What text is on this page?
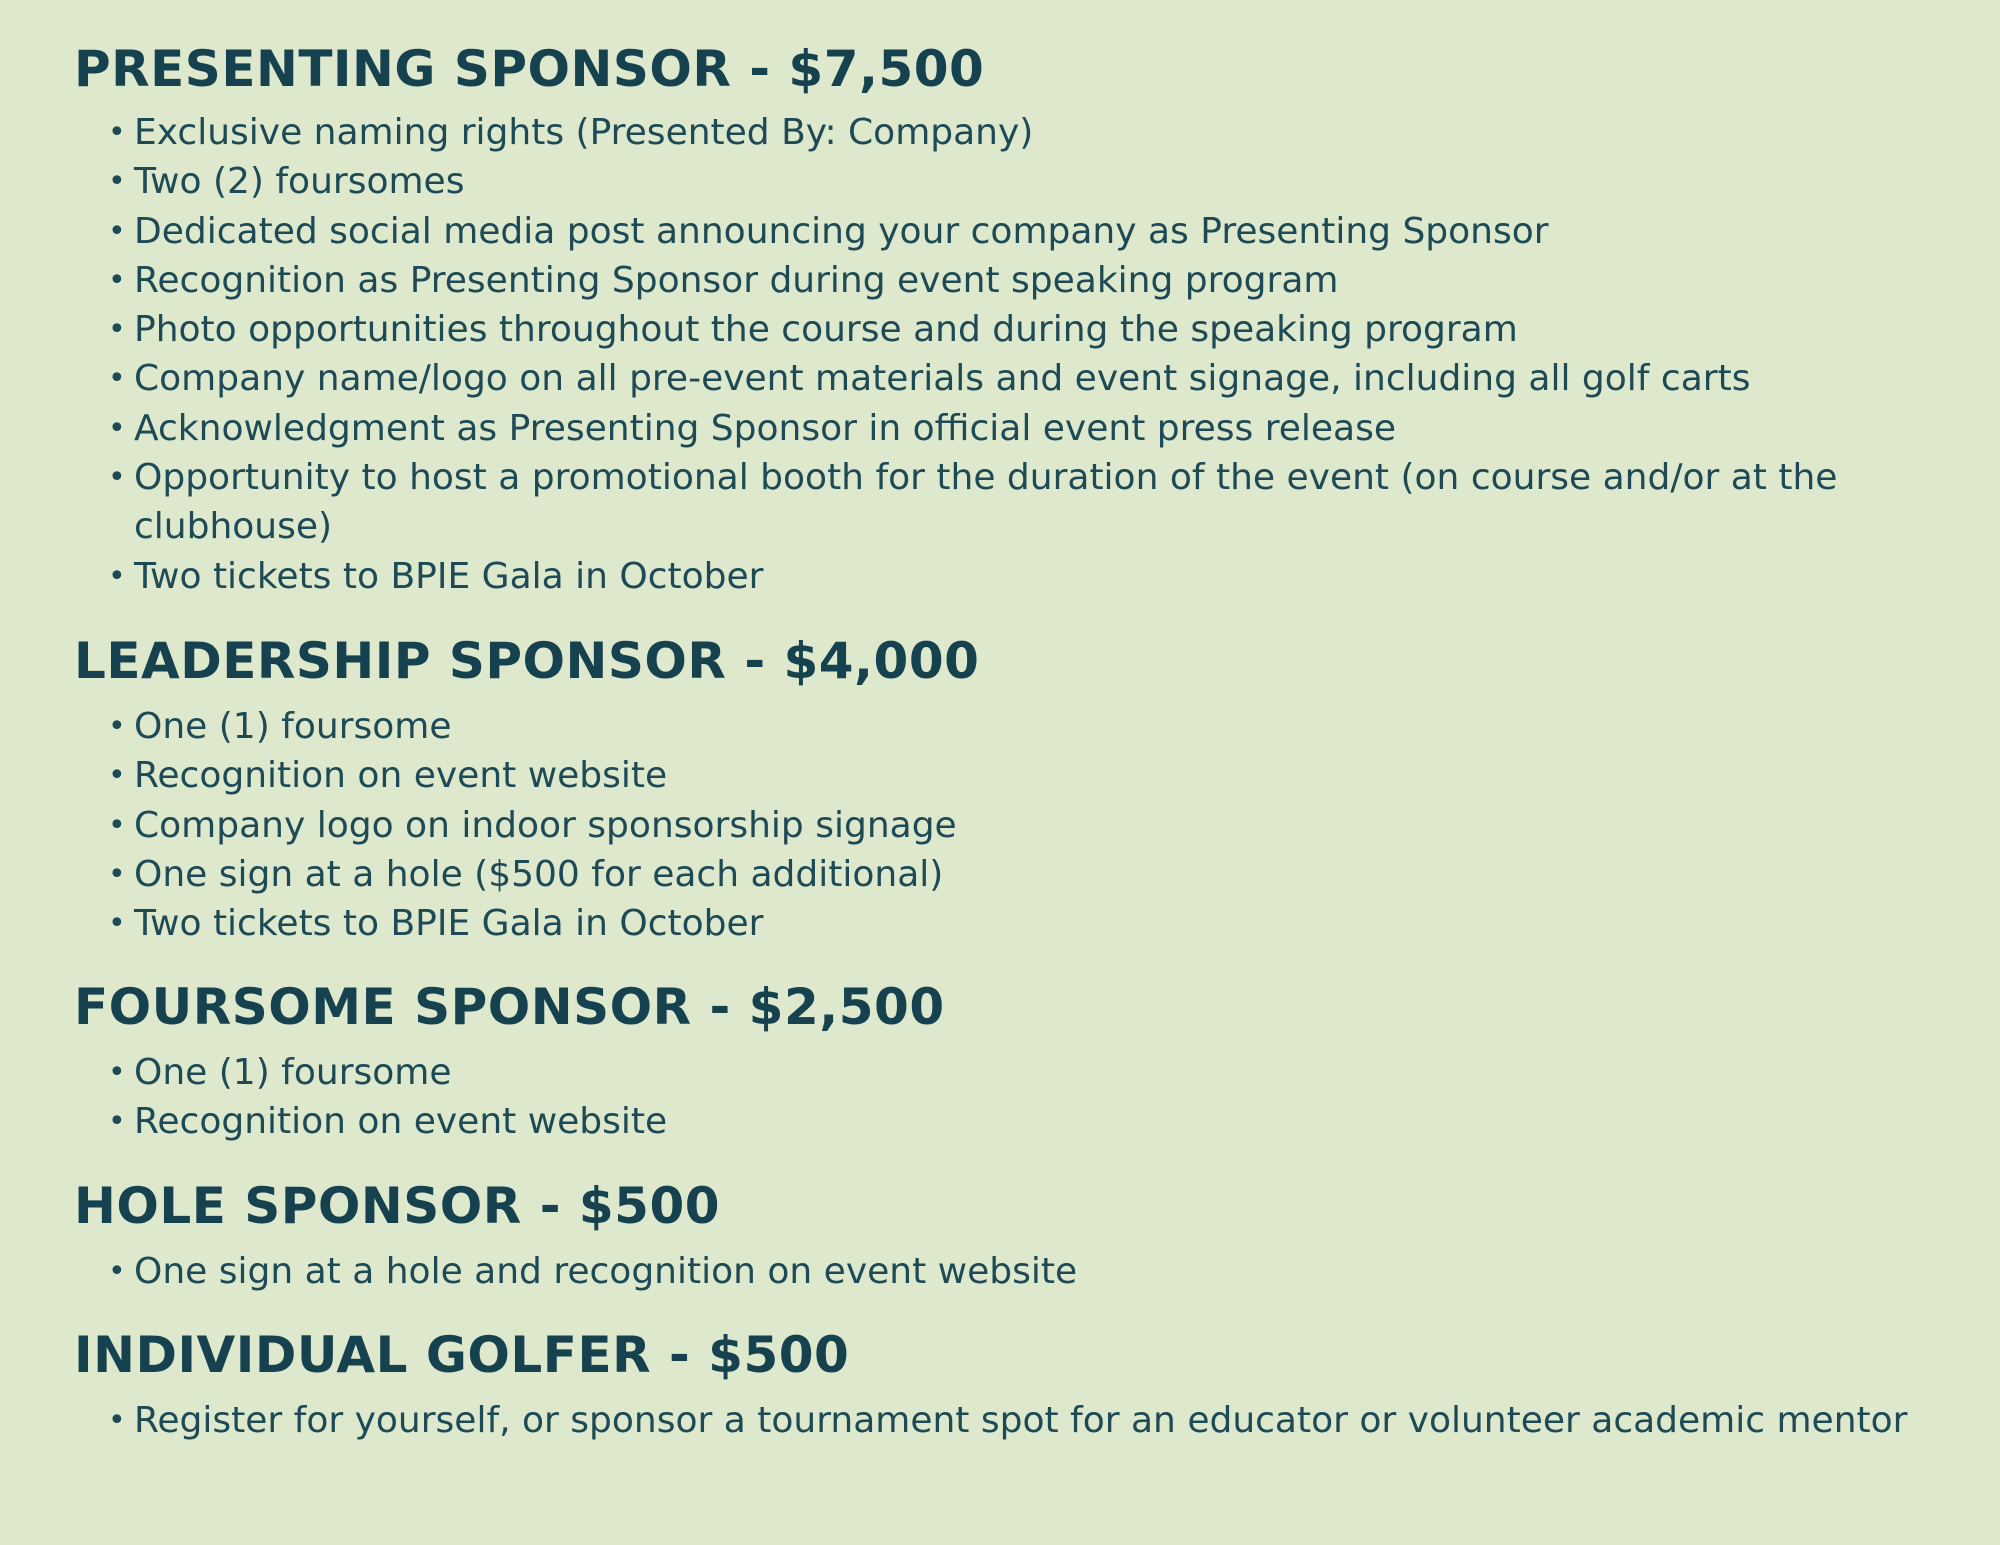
PRESENTING SPONSOR - $7,500
• Exclusive naming rights (Presented By: Company)
• Two (2) foursomes
• Dedicated social media post announcing your company as Presenting Sponsor
• Recognition as Presenting Sponsor during event speaking program
• Photo opportunities throughout the course and during the speaking program
• Company name/logo on all pre-event materials and event signage, including all golf carts
• Acknowledgment as Presenting Sponsor in official event press release
• Opportunity to host a promotional booth for the duration of the event (on course and/or at the clubhouse)
• Two tickets to BPIE Gala in October
LEADERSHIP SPONSOR - $4,000
• One (1) foursome
• Recognition on event website
• Company logo on indoor sponsorship signage
• One sign at a hole ($500 for each additional)
• Two tickets to BPIE Gala in October
FOURSOME SPONSOR - $2,500
• One (1) foursome
• Recognition on event website
HOLE SPONSOR - $500
• One sign at a hole and recognition on event website
INDIVIDUAL GOLFER - $500
• Register for yourself, or sponsor a tournament spot for an educator or volunteer academic mentor
